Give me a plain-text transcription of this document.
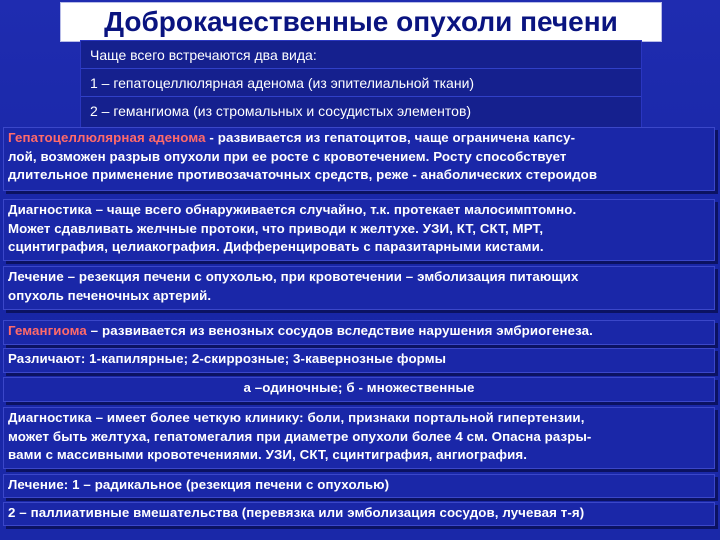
Доброкачественные опухоли печени
Чаще всего встречаются два вида:
1 – гепатоцеллюлярная аденома (из эпителиальной ткани)
2 – гемангиома (из стромальных и сосудистых элементов)
Гепатоцеллюлярная аденома - развивается из гепатоцитов, чаще ограничена капсу-
лой, возможен разрыв опухоли при ее росте с кровотечением. Росту способствует
длительное применение противозачаточных средств, реже - анаболических стероидов
Диагностика – чаще всего обнаруживается случайно, т.к. протекает малосимптомно.
Может сдавливать желчные протоки, что приводи к желтухе. УЗИ, КТ, СКТ, МРТ,
сцинтиграфия, целиакография. Дифференцировать с паразитарными кистами.
Лечение – резекция печени с опухолью, при кровотечении – эмболизация питающих
опухоль печеночных артерий.
Гемангиома – развивается из венозных сосудов вследствие нарушения эмбриогенеза.
Различают: 1-капилярные; 2-скиррозные; 3-кавернозные формы
а –одиночные; б - множественные
Диагностика – имеет более четкую клинику: боли, признаки портальной гипертензии,
может быть желтуха, гепатомегалия при диаметре опухоли более 4 см. Опасна разры-
вами с массивными кровотечениями. УЗИ, СКТ, сцинтиграфия, ангиография.
Лечение: 1 – радикальное (резекция печени с опухолью)
2 – паллиативные вмешательства (перевязка или эмболизация сосудов, лучевая т-я)
